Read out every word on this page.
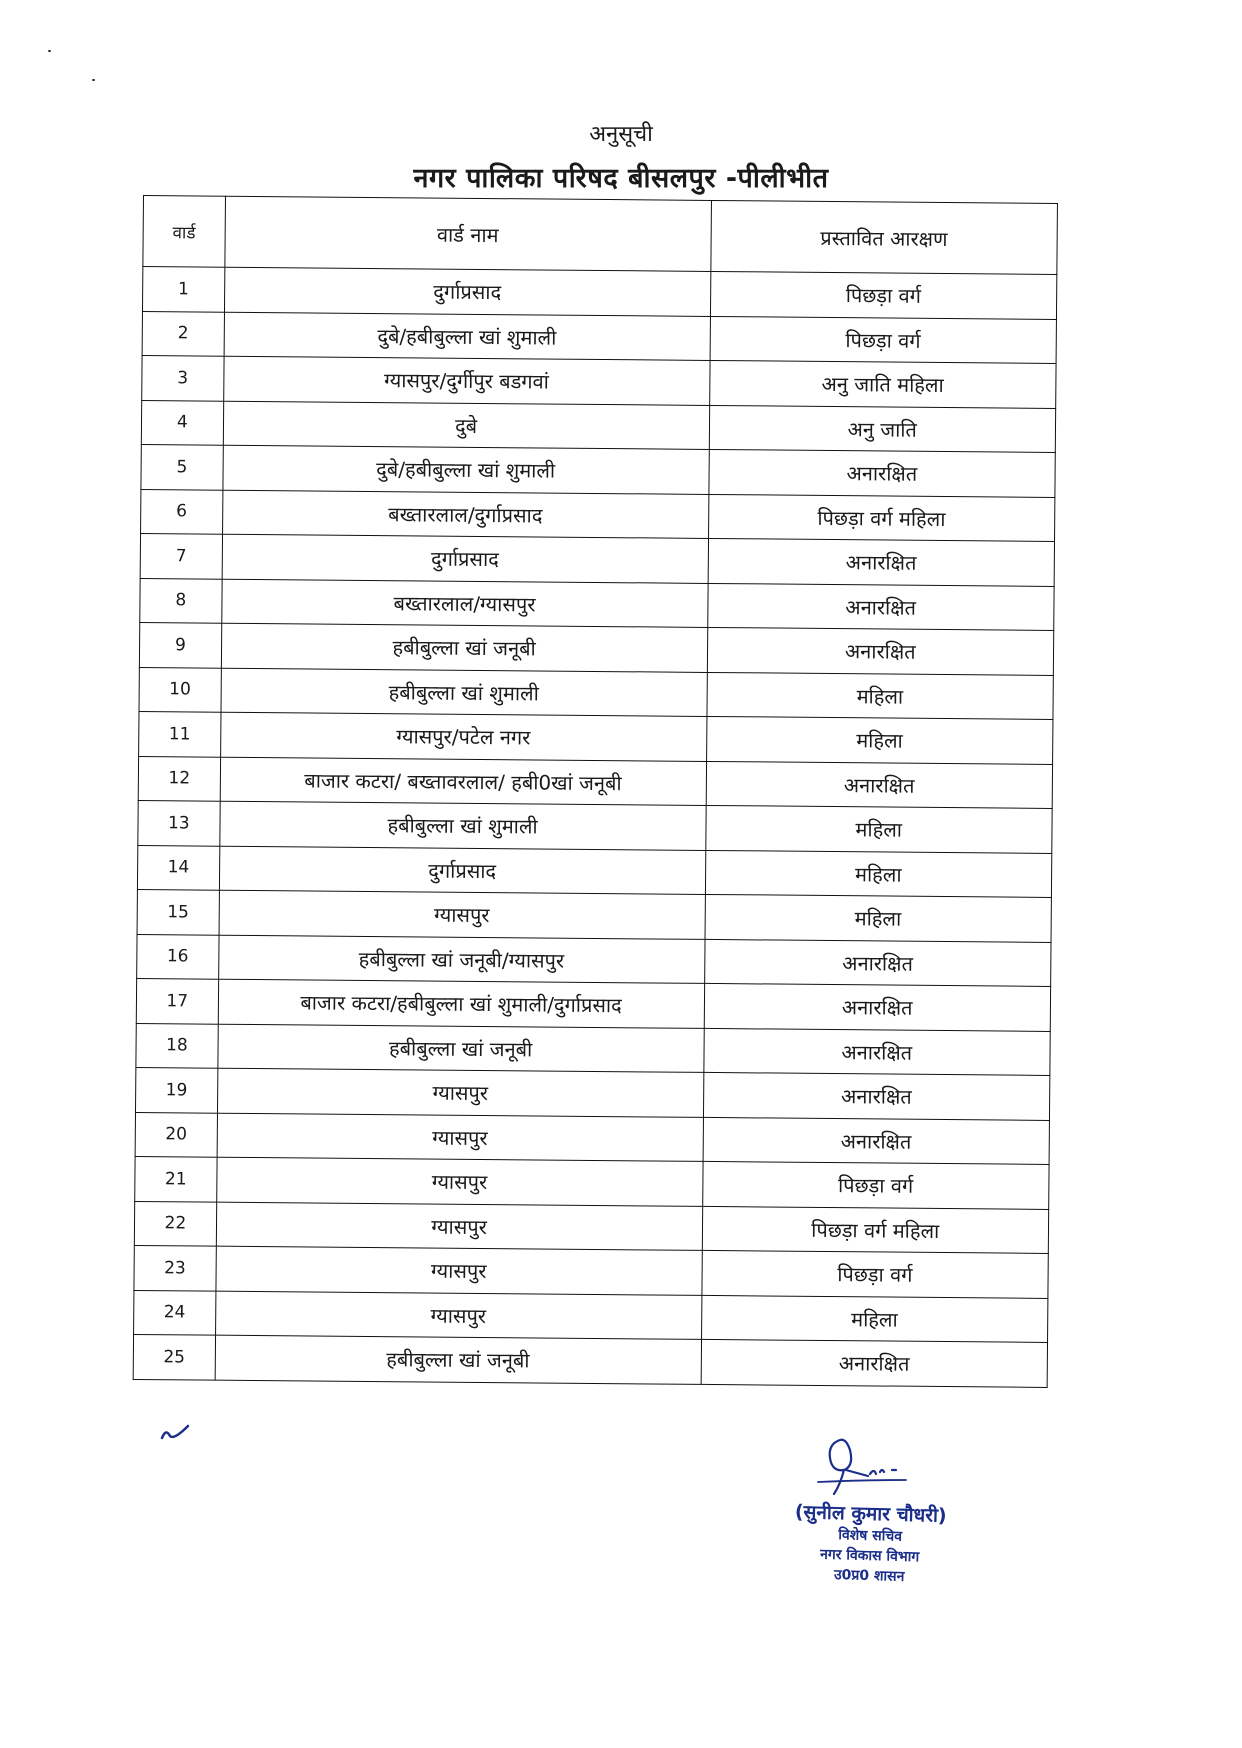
अनुसूची
नगर पालिका परिषद बीसलपुर -पीलीभीत
वार्ड	वार्ड नाम	प्रस्तावित आरक्षण
1	दुर्गाप्रसाद	पिछड़ा वर्ग
2	दुबे/हबीबुल्ला खां शुमाली	पिछड़ा वर्ग
3	ग्यासपुर/दुर्गीपुर बडगवां	अनु जाति महिला
4	दुबे	अनु जाति
5	दुबे/हबीबुल्ला खां शुमाली	अनारक्षित
6	बख्तारलाल/दुर्गाप्रसाद	पिछड़ा वर्ग महिला
7	दुर्गाप्रसाद	अनारक्षित
8	बख्तारलाल/ग्यासपुर	अनारक्षित
9	हबीबुल्ला खां जनूबी	अनारक्षित
10	हबीबुल्ला खां शुमाली	महिला
11	ग्यासपुर/पटेल नगर	महिला
12	बाजार कटरा/ बख्तावरलाल/ हबी0खां जनूबी	अनारक्षित
13	हबीबुल्ला खां शुमाली	महिला
14	दुर्गाप्रसाद	महिला
15	ग्यासपुर	महिला
16	हबीबुल्ला खां जनूबी/ग्यासपुर	अनारक्षित
17	बाजार कटरा/हबीबुल्ला खां शुमाली/दुर्गाप्रसाद	अनारक्षित
18	हबीबुल्ला खां जनूबी	अनारक्षित
19	ग्यासपुर	अनारक्षित
20	ग्यासपुर	अनारक्षित
21	ग्यासपुर	पिछड़ा वर्ग
22	ग्यासपुर	पिछड़ा वर्ग महिला
23	ग्यासपुर	पिछड़ा वर्ग
24	ग्यासपुर	महिला
25	हबीबुल्ला खां जनूबी	अनारक्षित
(सुनील कुमार चौधरी)
विशेष सचिव
नगर विकास विभाग
उ0प्र0 शासन
